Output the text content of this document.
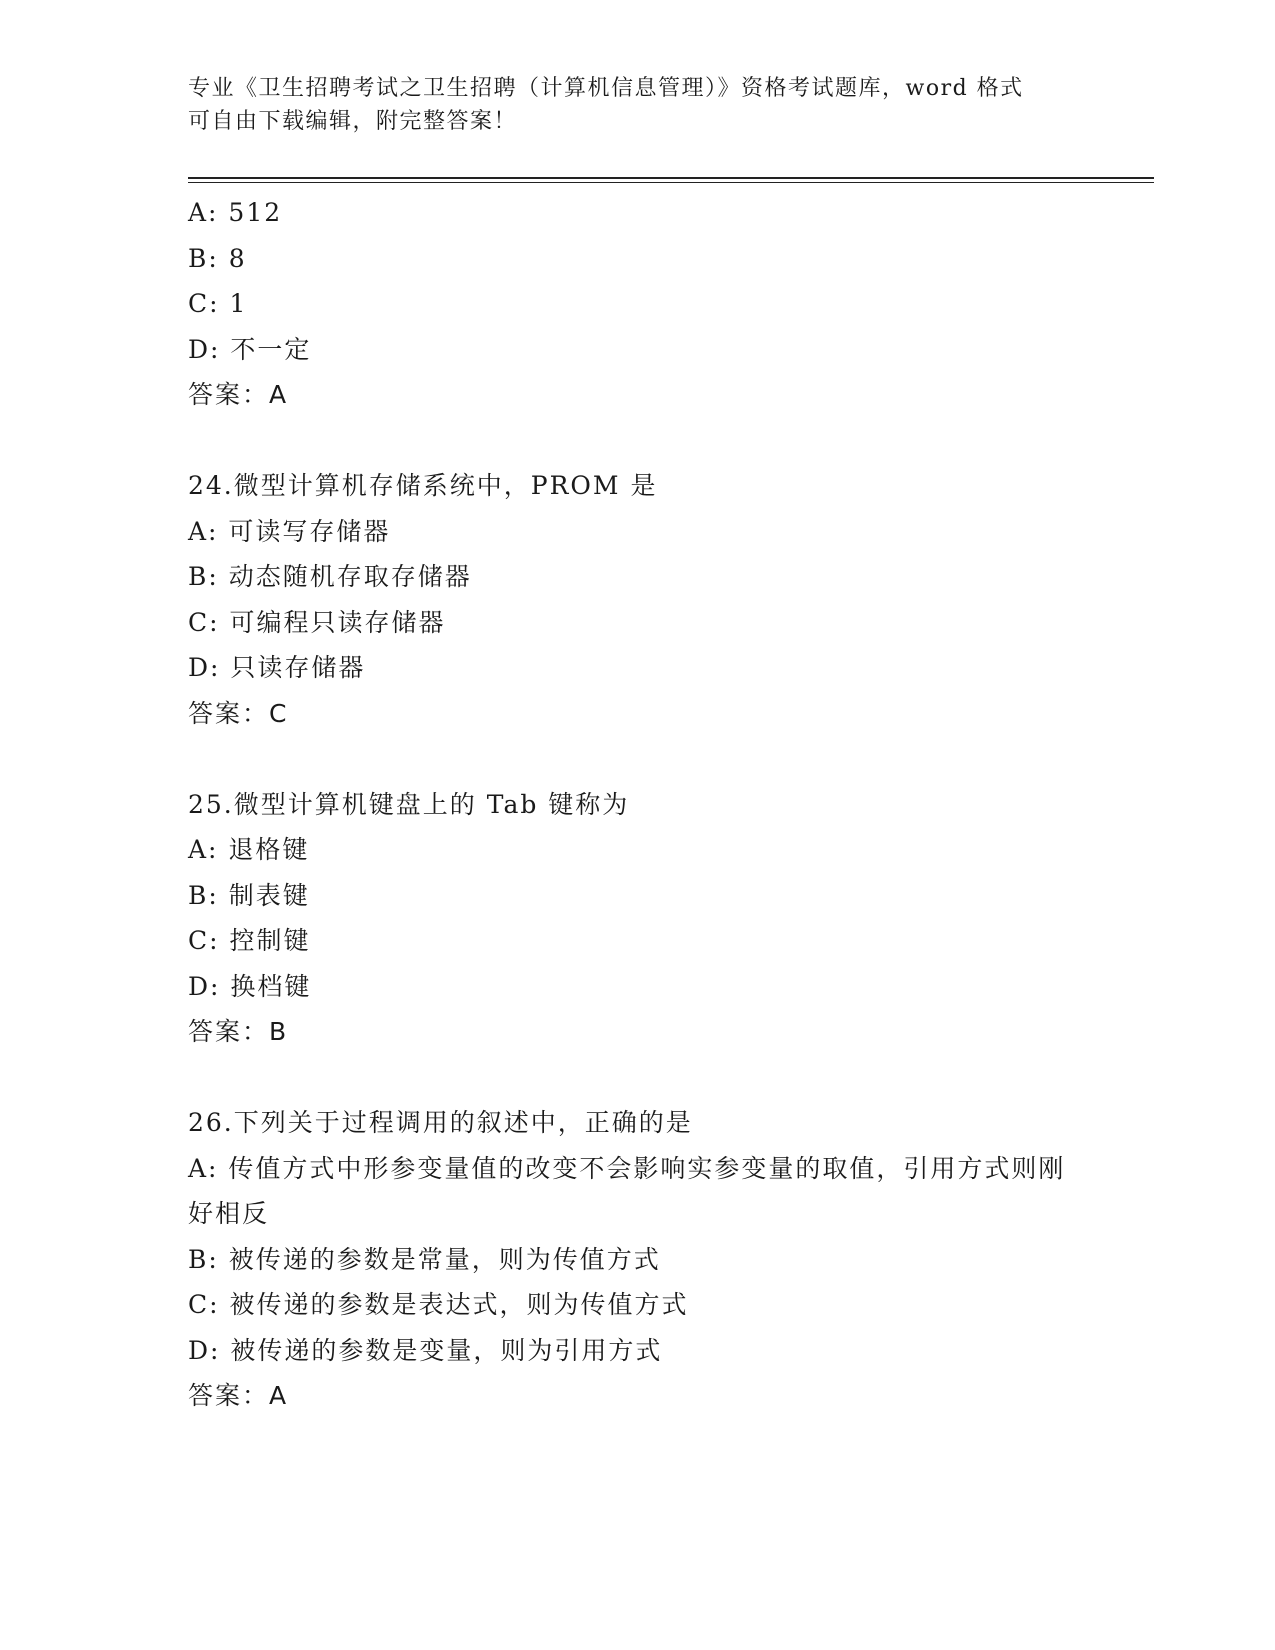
专业《卫生招聘考试之卫生招聘（计算机信息管理）》资格考试题库，word 格式
可自由下载编辑，附完整答案！
A: 512
B: 8
C: 1
D: 不一定
答案：A
24.微型计算机存储系统中，PROM 是
A: 可读写存储器
B: 动态随机存取存储器
C: 可编程只读存储器
D: 只读存储器
答案：C
25.微型计算机键盘上的 Tab 键称为
A: 退格键
B: 制表键
C: 控制键
D: 换档键
答案：B
26.下列关于过程调用的叙述中，正确的是
A: 传值方式中形参变量值的改变不会影响实参变量的取值，引用方式则刚好相反
B: 被传递的参数是常量，则为传值方式
C: 被传递的参数是表达式，则为传值方式
D: 被传递的参数是变量，则为引用方式
答案：A
